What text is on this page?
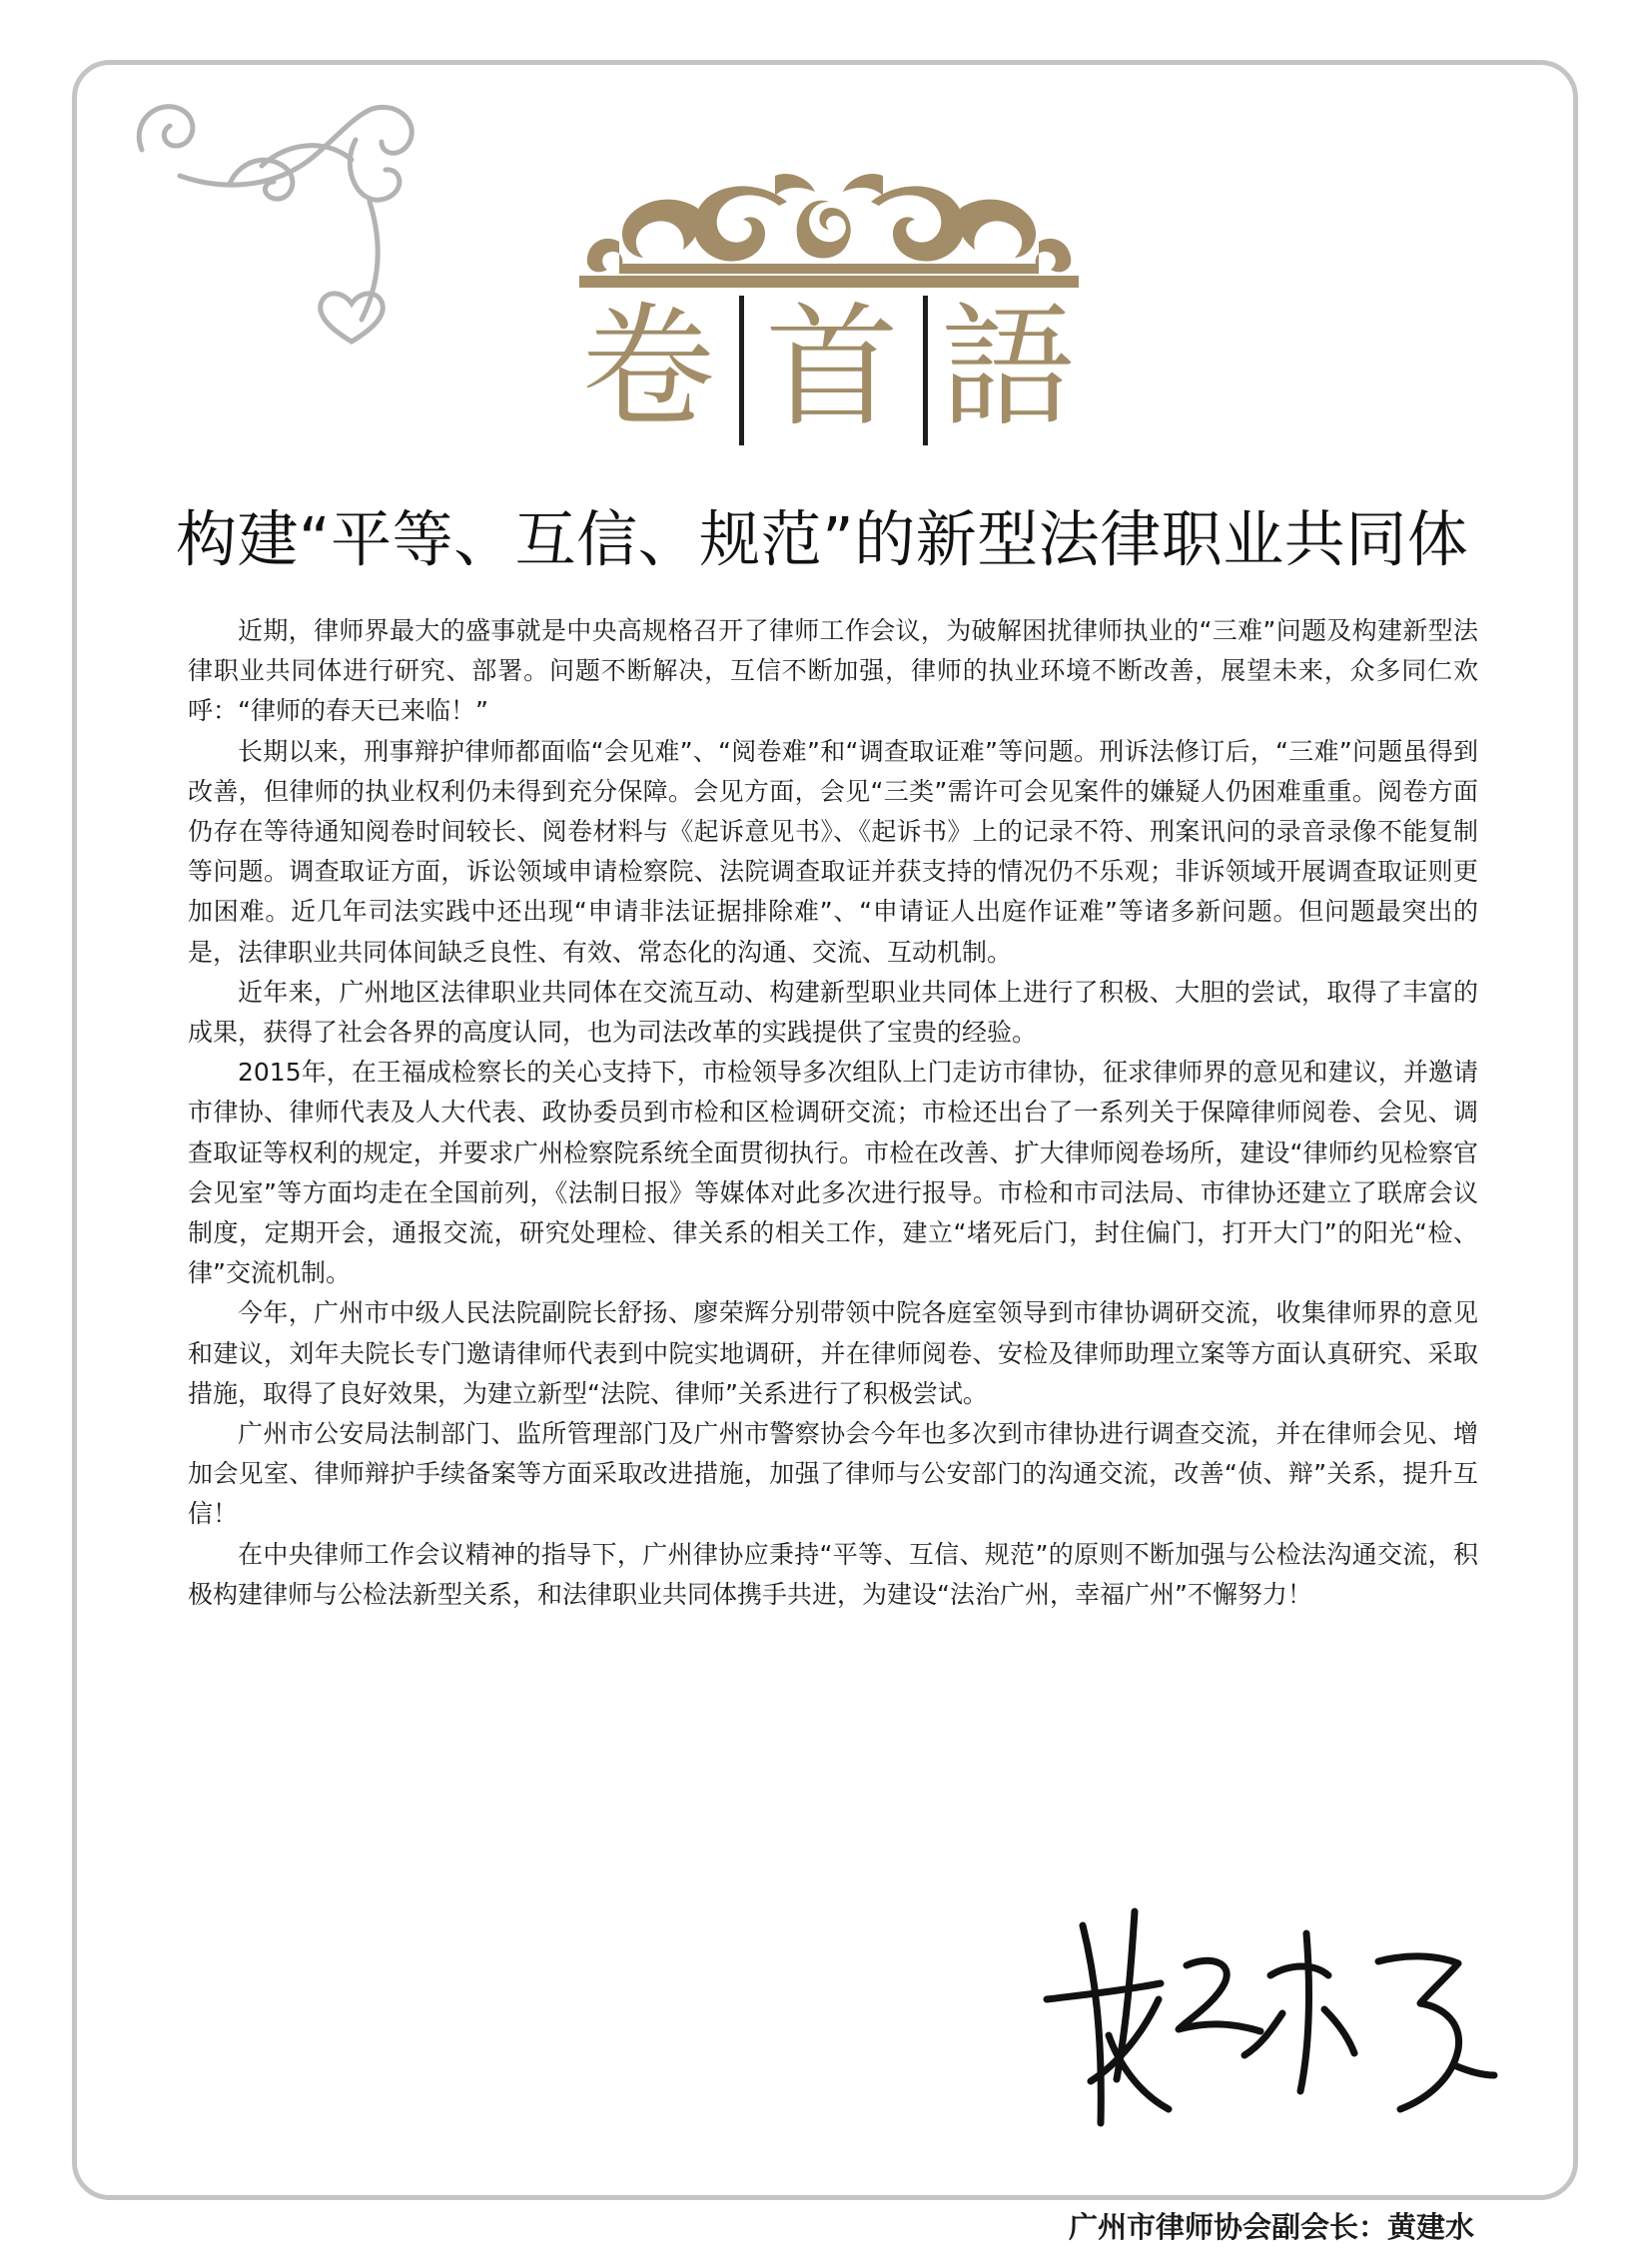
卷 首 語
构建“平等、互信、规范”的新型法律职业共同体

近期，律师界最大的盛事就是中央高规格召开了律师工作会议，为破解困扰律师执业的“三难”问题及构建新型法律职业共同体进行研究、部署。问题不断解决，互信不断加强，律师的执业环境不断改善，展望未来，众多同仁欢呼：“律师的春天已来临！”

长期以来，刑事辩护律师都面临“会见难”、“阅卷难”和“调查取证难”等问题。刑诉法修订后，“三难”问题虽得到改善，但律师的执业权利仍未得到充分保障。会见方面，会见“三类”需许可会见案件的嫌疑人仍困难重重。阅卷方面仍存在等待通知阅卷时间较长、阅卷材料与《起诉意见书》、《起诉书》上的记录不符、刑案讯问的录音录像不能复制等问题。调查取证方面，诉讼领域申请检察院、法院调查取证并获支持的情况仍不乐观；非诉领域开展调查取证则更加困难。近几年司法实践中还出现“申请非法证据排除难”、“申请证人出庭作证难”等诸多新问题。但问题最突出的是，法律职业共同体间缺乏良性、有效、常态化的沟通、交流、互动机制。

近年来，广州地区法律职业共同体在交流互动、构建新型职业共同体上进行了积极、大胆的尝试，取得了丰富的成果，获得了社会各界的高度认同，也为司法改革的实践提供了宝贵的经验。

2015年，在王福成检察长的关心支持下，市检领导多次组队上门走访市律协，征求律师界的意见和建议，并邀请市律协、律师代表及人大代表、政协委员到市检和区检调研交流；市检还出台了一系列关于保障律师阅卷、会见、调查取证等权利的规定，并要求广州检察院系统全面贯彻执行。市检在改善、扩大律师阅卷场所，建设“律师约见检察官会见室”等方面均走在全国前列，《法制日报》等媒体对此多次进行报导。市检和市司法局、市律协还建立了联席会议制度，定期开会，通报交流，研究处理检、律关系的相关工作，建立“堵死后门，封住偏门，打开大门”的阳光“检、律”交流机制。

今年，广州市中级人民法院副院长舒扬、廖荣辉分别带领中院各庭室领导到市律协调研交流，收集律师界的意见和建议，刘年夫院长专门邀请律师代表到中院实地调研，并在律师阅卷、安检及律师助理立案等方面认真研究、采取措施，取得了良好效果，为建立新型“法院、律师”关系进行了积极尝试。

广州市公安局法制部门、监所管理部门及广州市警察协会今年也多次到市律协进行调查交流，并在律师会见、增加会见室、律师辩护手续备案等方面采取改进措施，加强了律师与公安部门的沟通交流，改善“侦、辩”关系，提升互信！

在中央律师工作会议精神的指导下，广州律协应秉持“平等、互信、规范”的原则不断加强与公检法沟通交流，积极构建律师与公检法新型关系，和法律职业共同体携手共进，为建设“法治广州，幸福广州”不懈努力！

广州市律师协会副会长：黄建水
